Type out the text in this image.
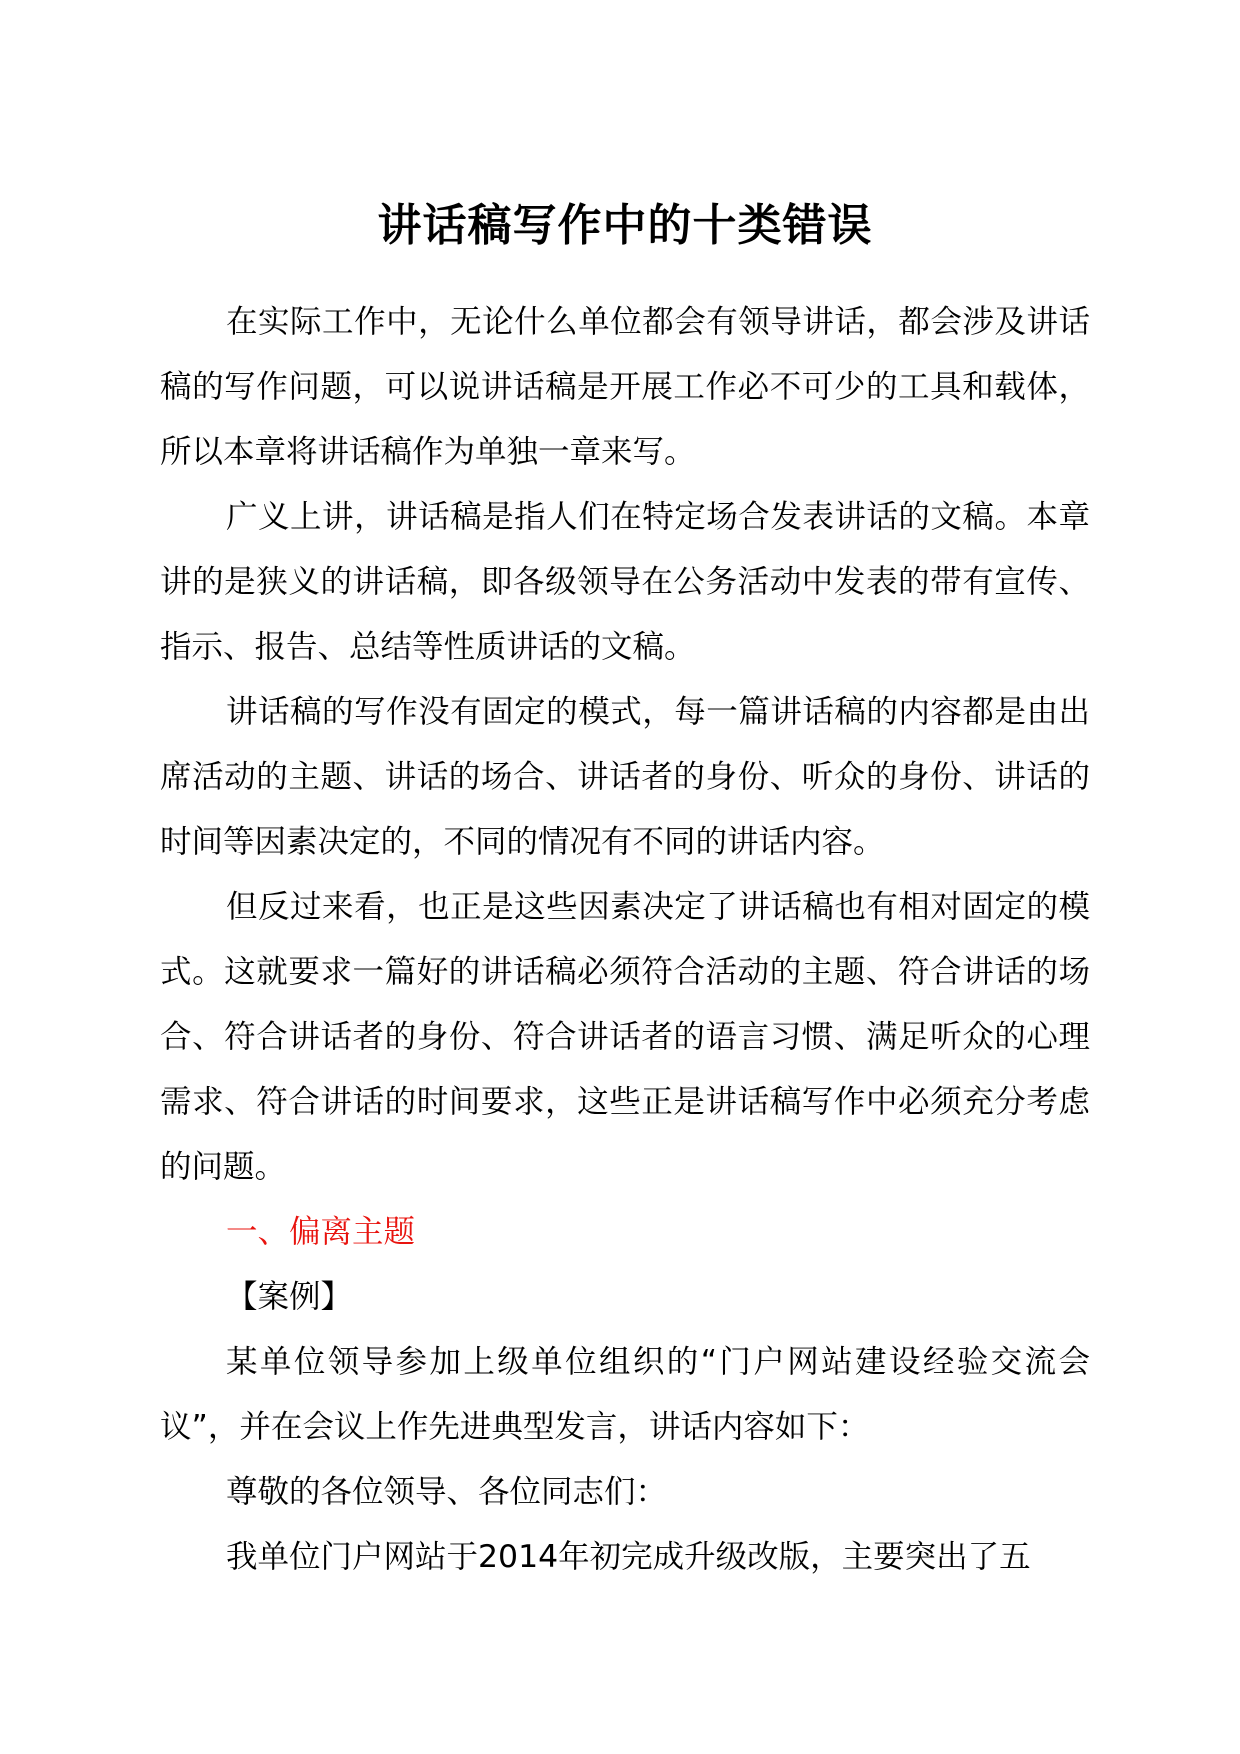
讲话稿写作中的十类错误

在实际工作中，无论什么单位都会有领导讲话，都会涉及讲话稿的写作问题，可以说讲话稿是开展工作必不可少的工具和载体，所以本章将讲话稿作为单独一章来写。

广义上讲，讲话稿是指人们在特定场合发表讲话的文稿。本章讲的是狭义的讲话稿，即各级领导在公务活动中发表的带有宣传、指示、报告、总结等性质讲话的文稿。

讲话稿的写作没有固定的模式，每一篇讲话稿的内容都是由出席活动的主题、讲话的场合、讲话者的身份、听众的身份、讲话的时间等因素决定的，不同的情况有不同的讲话内容。

但反过来看，也正是这些因素决定了讲话稿也有相对固定的模式。这就要求一篇好的讲话稿必须符合活动的主题、符合讲话的场合、符合讲话者的身份、符合讲话者的语言习惯、满足听众的心理需求、符合讲话的时间要求，这些正是讲话稿写作中必须充分考虑的问题。

一、偏离主题

【案例】

某单位领导参加上级单位组织的“门户网站建设经验交流会议”，并在会议上作先进典型发言，讲话内容如下：

尊敬的各位领导、各位同志们：

我单位门户网站于2014年初完成升级改版，主要突出了五
